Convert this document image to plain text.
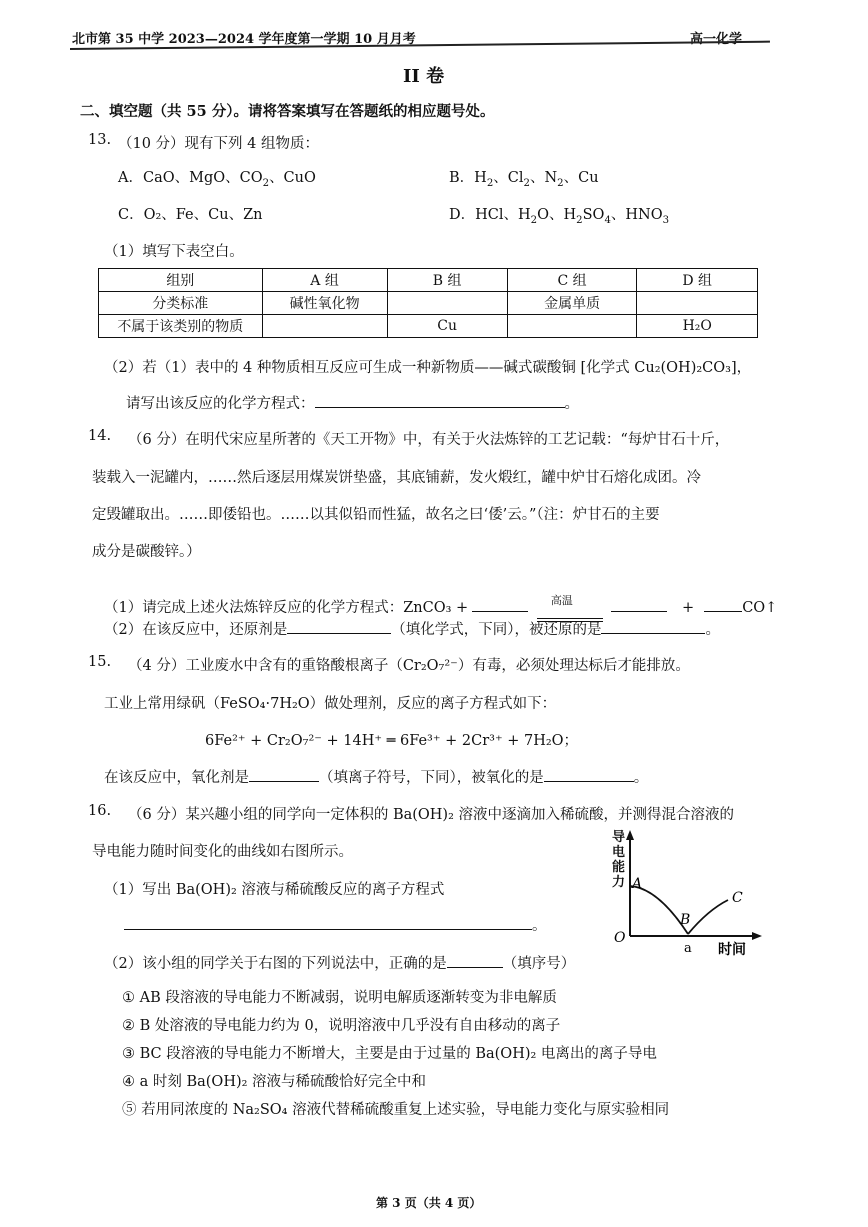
北市第 35 中学 2023—2024 学年度第一学期 10 月月考	高一化学
II 卷
二、填空题（共 55 分）。请将答案填写在答题纸的相应题号处。
13. （10 分）现有下列 4 组物质：
A．CaO、MgO、$CO_2$、CuO	B．$H_2$、$Cl_2$、$N_2$、Cu
C．O₂、Fe、Cu、Zn	D．HCl、$H_2O$、$H_2SO_4$、$HNO_3$
（1）填写下表空白。
组别	A 组	B 组	C 组	D 组
分类标准	碱性氧化物		金属单质	
不属于该类别的物质		Cu		H₂O
（2）若（1）表中的 4 种物质相互反应可生成一种新物质——碱式碳酸铜 [化学式 Cu₂(OH)₂CO₃]，
请写出该反应的化学方程式：	。
14. （6 分）在明代宋应星所著的《天工开物》中，有关于火法炼锌的工艺记载：“每炉甘石十斤，
装载入一泥罐内，……然后逐层用煤炭饼垫盛，其底铺薪，发火煅红，罐中炉甘石熔化成团。冷
定毁罐取出。……即倭铅也。……以其似铅而性猛，故名之曰‘倭’云。”（注：炉甘石的主要
成分是碳酸锌。）
（1）请完成上述火法炼锌反应的化学方程式：ZnCO₃ +	高温	+	CO↑
（2）在该反应中，还原剂是	（填化学式，下同），被还原的是	。
15. （4 分）工业废水中含有的重铬酸根离子（Cr₂O₇²⁻）有毒，必须处理达标后才能排放。
工业上常用绿矾（FeSO₄·7H₂O）做处理剂，反应的离子方程式如下：
6Fe²⁺ + Cr₂O₇²⁻ + 14H⁺ ═ 6Fe³⁺ + 2Cr³⁺ + 7H₂O；
在该反应中，氧化剂是	（填离子符号，下同），被氧化的是	。
16. （6 分）某兴趣小组的同学向一定体积的 Ba(OH)₂ 溶液中逐滴加入稀硫酸，并测得混合溶液的
导电能力随时间变化的曲线如右图所示。
（1）写出 Ba(OH)₂ 溶液与稀硫酸反应的离子方程式
。
A
B
C
O
a 时间
导电能力
（2）该小组的同学关于右图的下列说法中，正确的是	（填序号）
① AB 段溶液的导电能力不断减弱，说明电解质逐渐转变为非电解质
② B 处溶液的导电能力约为 0，说明溶液中几乎没有自由移动的离子
③ BC 段溶液的导电能力不断增大，主要是由于过量的 Ba(OH)₂ 电离出的离子导电
④ a 时刻 Ba(OH)₂ 溶液与稀硫酸恰好完全中和
⑤ 若用同浓度的 Na₂SO₄ 溶液代替稀硫酸重复上述实验，导电能力变化与原实验相同
第 3 页（共 4 页）
